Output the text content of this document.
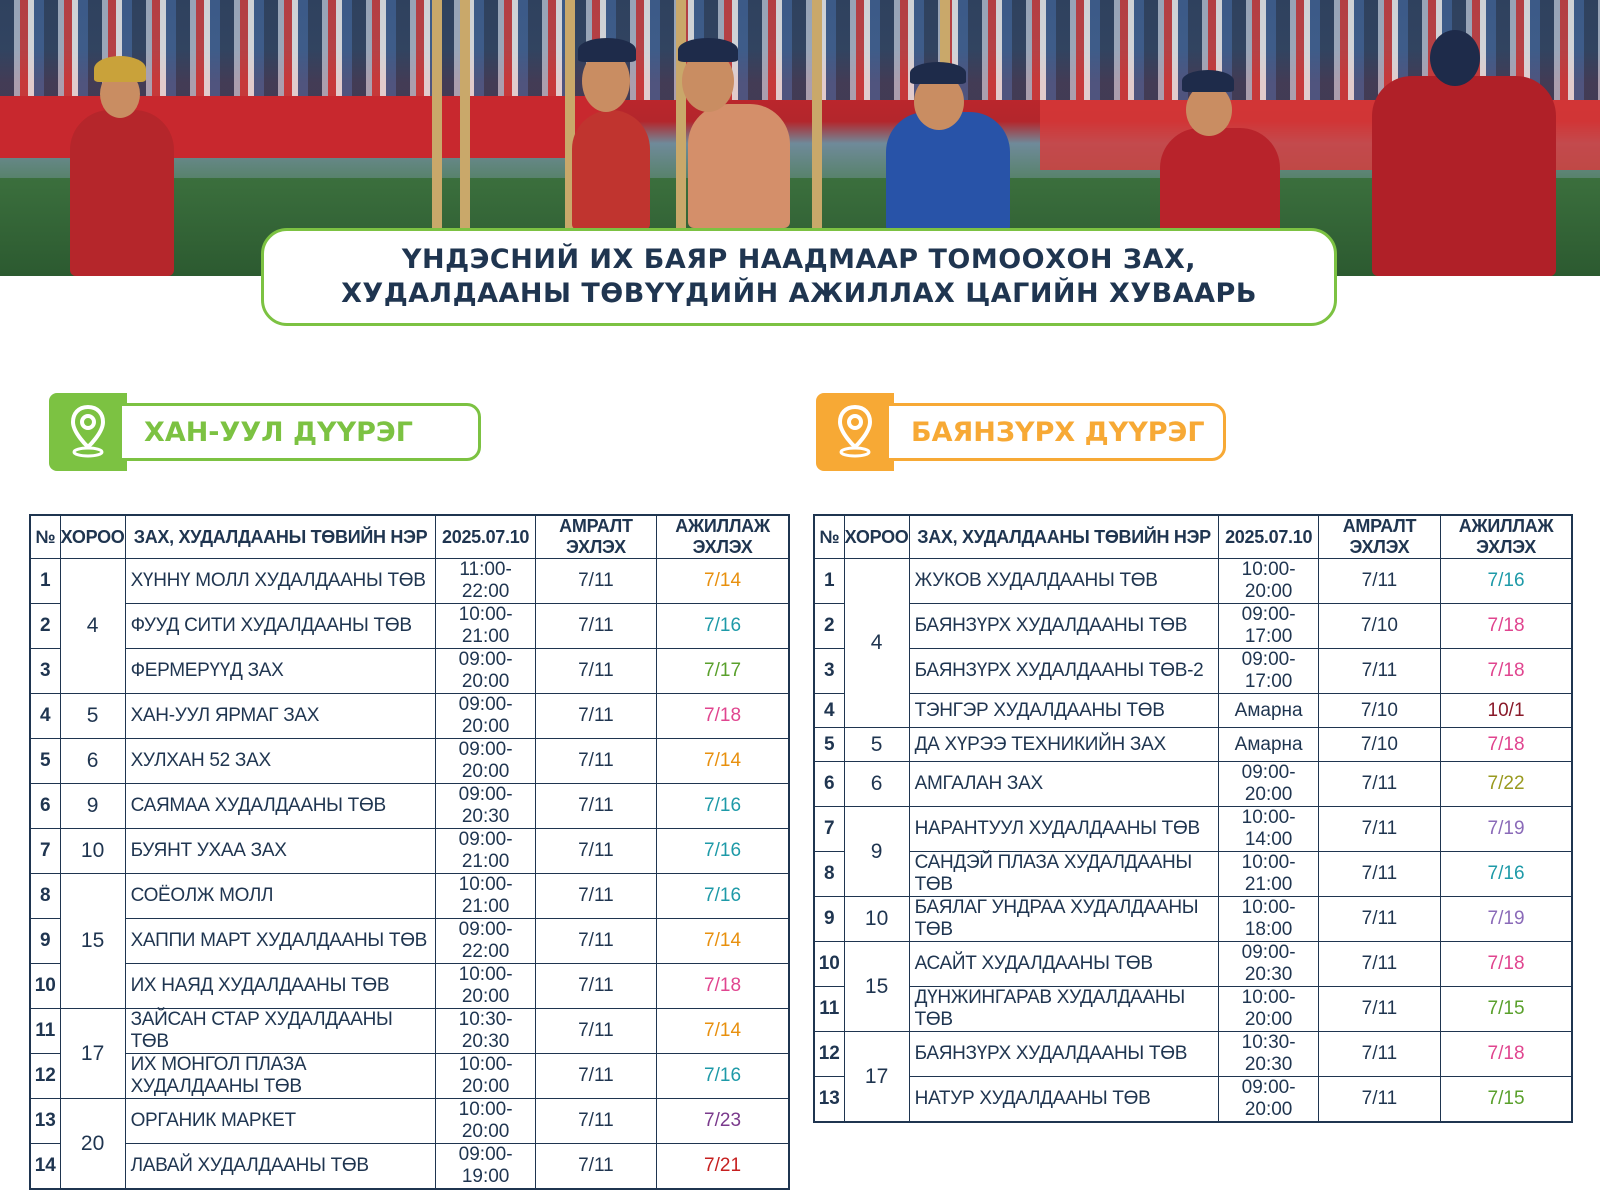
ҮНДЭСНИЙ ИХ БАЯР НААДМААР ТОМООХОН ЗАХ,
ХУДАЛДААНЫ ТӨВҮҮДИЙН АЖИЛЛАХ ЦАГИЙН ХУВААРЬ
ХАН-УУЛ ДҮҮРЭГ	БАЯНЗҮРХ ДҮҮРЭГ
№	ХОРОО	ЗАХ, ХУДАЛДААНЫ ТӨВИЙН НЭР	2025.07.10	АМРАЛТ ЭХЛЭХ	АЖИЛЛАЖ ЭХЛЭХ
1	4	ХҮННҮ МОЛЛ ХУДАЛДААНЫ ТӨВ	11:00-22:00	7/11	7/14
2		ФУУД СИТИ ХУДАЛДААНЫ ТӨВ	10:00-21:00	7/11	7/16
3		ФЕРМЕРҮҮД ЗАХ	09:00-20:00	7/11	7/17
4	5	ХАН-УУЛ ЯРМАГ ЗАХ	09:00-20:00	7/11	7/18
5	6	ХУЛХАН 52 ЗАХ	09:00-20:00	7/11	7/14
6	9	САЯМАА ХУДАЛДААНЫ ТӨВ	09:00-20:30	7/11	7/16
7	10	БУЯНТ УХАА ЗАХ	09:00-21:00	7/11	7/16
8	15	СОЁОЛЖ МОЛЛ	10:00-21:00	7/11	7/16
9		ХАППИ МАРТ ХУДАЛДААНЫ ТӨВ	09:00-22:00	7/11	7/14
10		ИХ НАЯД ХУДАЛДААНЫ ТӨВ	10:00-20:00	7/11	7/18
11	17	ЗАЙСАН СТАР ХУДАЛДААНЫ ТӨВ	10:30-20:30	7/11	7/14
12		ИХ МОНГОЛ ПЛАЗА ХУДАЛДААНЫ ТӨВ	10:00-20:00	7/11	7/16
13	20	ОРГАНИК МАРКЕТ	10:00-20:00	7/11	7/23
14		ЛАВАЙ ХУДАЛДААНЫ ТӨВ	09:00-19:00	7/11	7/21
№	ХОРОО	ЗАХ, ХУДАЛДААНЫ ТӨВИЙН НЭР	2025.07.10	АМРАЛТ ЭХЛЭХ	АЖИЛЛАЖ ЭХЛЭХ
1	4	ЖУКОВ ХУДАЛДААНЫ ТӨВ	10:00-20:00	7/11	7/16
2		БАЯНЗҮРХ ХУДАЛДААНЫ ТӨВ	09:00-17:00	7/10	7/18
3		БАЯНЗҮРХ ХУДАЛДААНЫ ТӨВ-2	09:00-17:00	7/11	7/18
4		ТЭНГЭР ХУДАЛДААНЫ ТӨВ	Амарна	7/10	10/1
5	5	ДА ХҮРЭЭ ТЕХНИКИЙН ЗАХ	Амарна	7/10	7/18
6	6	АМГАЛАН ЗАХ	09:00-20:00	7/11	7/22
7	9	НАРАНТУУЛ ХУДАЛДААНЫ ТӨВ	10:00-14:00	7/11	7/19
8		САНДЭЙ ПЛАЗА ХУДАЛДААНЫ ТӨВ	10:00-21:00	7/11	7/16
9	10	БАЯЛАГ УНДРАА ХУДАЛДААНЫ ТӨВ	10:00-18:00	7/11	7/19
10	15	АСАЙТ ХУДАЛДААНЫ ТӨВ	09:00-20:30	7/11	7/18
11		ДҮНЖИНГАРАВ ХУДАЛДААНЫ ТӨВ	10:00-20:00	7/11	7/15
12	17	БАЯНЗҮРХ ХУДАЛДААНЫ ТӨВ	10:30-20:30	7/11	7/18
13		НАТУР ХУДАЛДААНЫ ТӨВ	09:00-20:00	7/11	7/15
